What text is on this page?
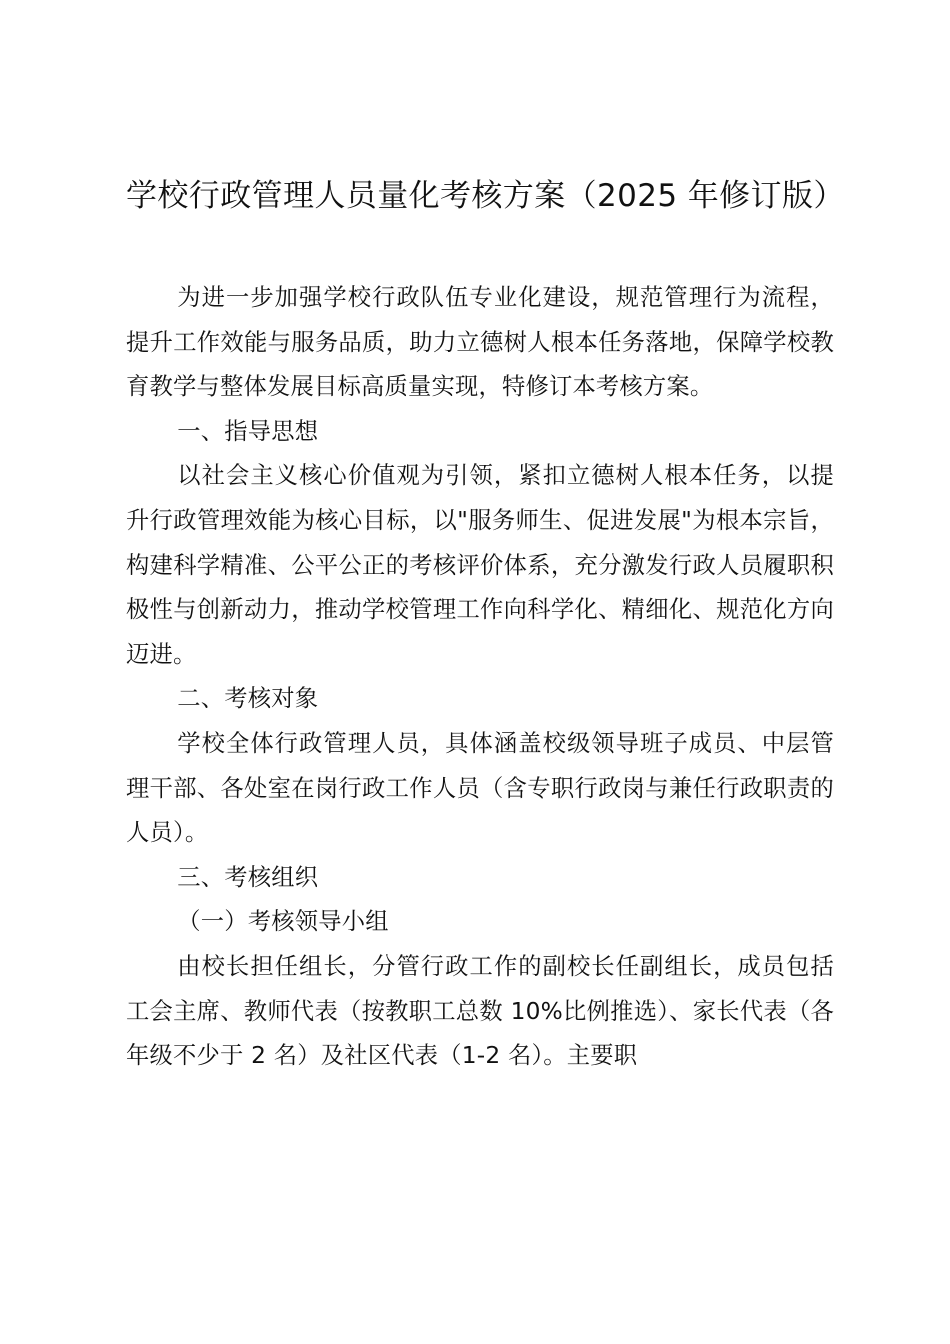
学校行政管理人员量化考核方案（2025 年修订版）

为进一步加强学校行政队伍专业化建设，规范管理行为流程，提升工作效能与服务品质，助力立德树人根本任务落地，保障学校教育教学与整体发展目标高质量实现，特修订本考核方案。

一、指导思想

以社会主义核心价值观为引领，紧扣立德树人根本任务，以提升行政管理效能为核心目标，以"服务师生、促进发展"为根本宗旨，构建科学精准、公平公正的考核评价体系，充分激发行政人员履职积极性与创新动力，推动学校管理工作向科学化、精细化、规范化方向迈进。

二、考核对象

学校全体行政管理人员，具体涵盖校级领导班子成员、中层管理干部、各处室在岗行政工作人员（含专职行政岗与兼任行政职责的人员）。

三、考核组织

（一）考核领导小组

由校长担任组长，分管行政工作的副校长任副组长，成员包括工会主席、教师代表（按教职工总数 10%比例推选）、家长代表（各年级不少于 2 名）及社区代表（1-2 名）。主要职
